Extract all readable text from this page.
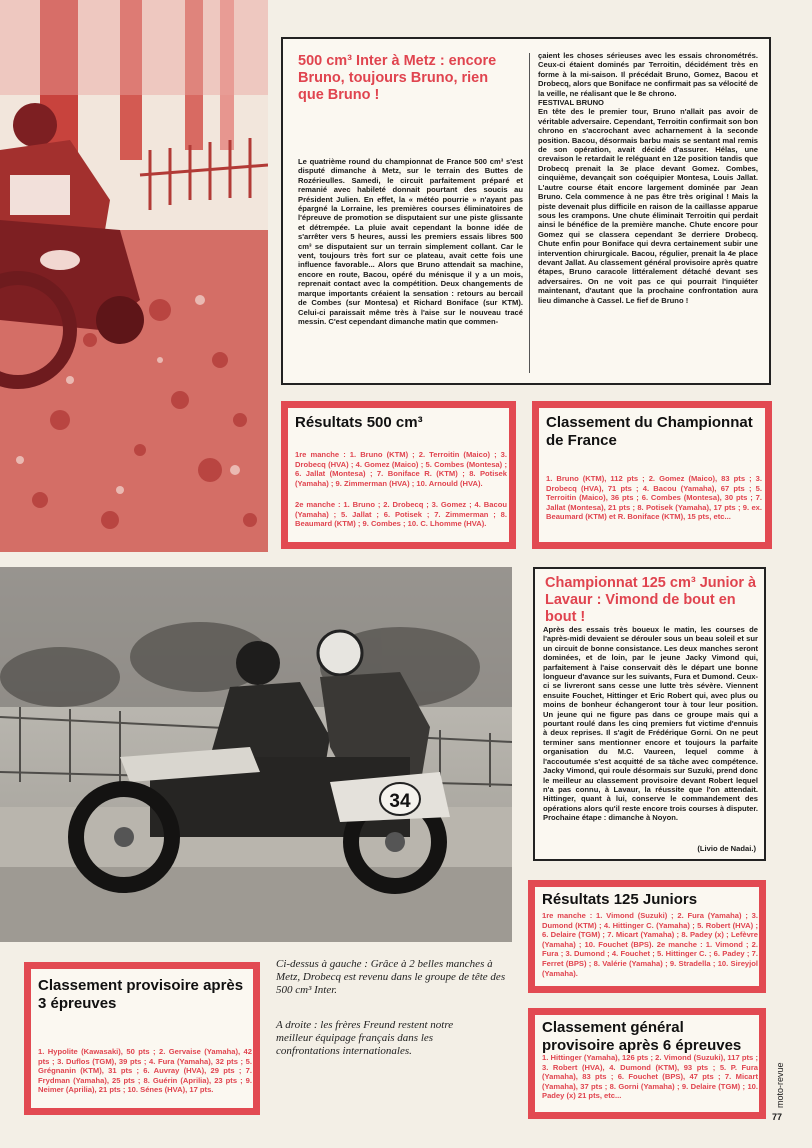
34
500 cm³ Inter à Metz : encore Bruno, toujours Bruno, rien que Bruno !
Le quatrième round du championnat de France 500 cm³ s'est disputé dimanche à Metz, sur le terrain des Buttes de Rozérieulles. Samedi, le circuit parfaitement préparé et remanié avec habileté donnait pourtant des soucis au Président Julien. En effet, la « météo pourrie » n'ayant pas épargné la Lorraine, les premières courses éliminatoires de l'épreuve de promotion se disputaient sur une piste glissante et détrempée. La pluie avait cependant la bonne idée de s'arrêter vers 5 heures, aussi les premiers essais libres 500 cm³ se disputaient sur un terrain simplement collant. Car le vent, toujours très fort sur ce plateau, avait cette fois une influence favorable... Alors que Bruno attendait sa machine, encore en route, Bacou, opéré du ménisque il y a un mois, reprenait contact avec la compétition. Deux changements de marque importants créaient la sensation : retours au bercail de Combes (sur Montesa) et Richard Boniface (sur KTM). Celui-ci paraissait même très à l'aise sur le nouveau tracé messin. C'est cependant dimanche matin que commen-

çaient les choses sérieuses avec les essais chronométrés. Ceux-ci étaient dominés par Terroitin, décidément très en forme à la mi-saison. Il précédait Bruno, Gomez, Bacou et Drobecq, alors que Boniface ne confirmait pas sa vélocité de la veille, ne réalisant que le 8e chrono.

FESTIVAL BRUNO

En tête des le premier tour, Bruno n'allait pas avoir de véritable adversaire. Cependant, Terroitin confirmait son bon chrono en s'accrochant avec acharnement à la seconde position. Bacou, désormais barbu mais se sentant mal remis de son opération, avait décidé d'assurer. Hélas, une crevaison le retardait le reléguant en 12e position tandis que Drobecq prenait la 3e place devant Gomez. Combes, cinquième, devançait son coéquipier Montesa, Louis Jallat. L'autre course était encore largement dominée par Jean Bruno. Cela commence à ne pas être très original ! Mais la piste devenait plus difficile en raison de la caillasse apparue sous les crampons. Une chute éliminait Terroitin qui perdait ainsi le bénéfice de la première manche. Chute encore pour Gomez qui se classera cependant 3e derriere Drobecq. Chute enfin pour Boniface qui devra certainement subir une intervention chirurgicale. Bacou, régulier, prenait la 4e place devant Jallat. Au classement général provisoire après quatre étapes, Bruno caracole littéralement détaché devant ses adversaires. On ne voit pas ce qui pourrait l'inquiéter maintenant, d'autant que la prochaine confrontation aura lieu dimanche à Cassel. Le fief de Bruno !

Résultats 500 cm³
1re manche : 1. Bruno (KTM) ; 2. Terroitin (Maico) ; 3. Drobecq (HVA) ; 4. Gomez (Maico) ; 5. Combes (Montesa) ; 6. Jallat (Montesa) ; 7. Boniface R. (KTM) ; 8. Potisek (Yamaha) ; 9. Zimmerman (HVA) ; 10. Arnould (HVA).
2e manche : 1. Bruno ; 2. Drobecq ; 3. Gomez ; 4. Bacou (Yamaha) ; 5. Jallat ; 6. Potisek ; 7. Zimmerman ; 8. Beaumard (KTM) ; 9. Combes ; 10. C. Lhomme (HVA).
Classement du Championnat de France
1. Bruno (KTM), 112 pts ; 2. Gomez (Maico), 83 pts ; 3. Drobecq (HVA), 71 pts ; 4. Bacou (Yamaha), 67 pts ; 5. Terroitin (Maico), 36 pts ; 6. Combes (Montesa), 30 pts ; 7. Jallat (Montesa), 21 pts ; 8. Potisek (Yamaha), 17 pts ; 9. ex. Beaumard (KTM) et R. Boniface (KTM), 15 pts, etc...
Championnat 125 cm³ Junior à Lavaur : Vimond de bout en bout !
Après des essais très boueux le matin, les courses de l'après-midi devaient se dérouler sous un beau soleil et sur un circuit de bonne consistance. Les deux manches seront dominées, et de loin, par le jeune Jacky Vimond qui, parfaitement à l'aise conservait dès le départ une bonne longueur d'avance sur les suivants, Fura et Dumond. Ceux-ci se livreront sans cesse une lutte très sévère. Viennent ensuite Fouchet, Hittinger et Eric Robert qui, avec plus ou moins de bonheur échangeront tour à tour leur position. Un jeune qui ne figure pas dans ce groupe mais qui a pourtant roulé dans les cinq premiers fut victime d'ennuis à deux reprises. Il s'agit de Frédérique Gorni. On ne peut terminer sans mentionner encore et toujours la parfaite organisation du M.C. Vaureen, lequel comme à l'accoutumée s'est acquitté de sa tâche avec compétence. Jacky Vimond, qui roule désormais sur Suzuki, prend donc le meilleur au classement provisoire devant Robert lequel n'a pas connu, à Lavaur, la réussite que l'on attendait. Hittinger, quant à lui, conserve le commandement des opérations alors qu'il reste encore trois courses à disputer. Prochaine étape : dimanche à Noyon.
(Livio de Nadai.)
Résultats 125 Juniors
1re manche : 1. Vimond (Suzuki) ; 2. Fura (Yamaha) ; 3. Dumond (KTM) ; 4. Hittinger C. (Yamaha) ; 5. Robert (HVA) ; 6. Delaire (TGM) ; 7. Micart (Yamaha) ; 8. Padey (x) ; Lefèvre (Yamaha) ; 10. Fouchet (BPS). 2e manche : 1. Vimond ; 2. Fura ; 3. Dumond ; 4. Fouchet ; 5. Hittinger C. ; 6. Padey ; 7. Ferret (BPS) ; 8. Valérie (Yamaha) ; 9. Stradella ; 10. Sireyjol (Yamaha).
Classement provisoire après 3 épreuves
1. Hypolite (Kawasaki), 50 pts ; 2. Gervaise (Yamaha), 42 pts ; 3. Duflos (TGM), 39 pts ; 4. Fura (Yamaha), 32 pts ; 5. Grégnanin (KTM), 31 pts ; 6. Auvray (HVA), 29 pts ; 7. Frydman (Yamaha), 25 pts ; 8. Guérin (Aprilia), 23 pts ; 9. Neimer (Aprilia), 21 pts ; 10. Sénes (HVA), 17 pts.
Ci-dessus à gauche : Grâce à 2 belles manches à Metz, Drobecq est revenu dans le groupe de tête des 500 cm³ Inter.
A droite : les frères Freund restent notre meilleur équipage français dans les confrontations internationales.
Classement général provisoire après 6 épreuves
1. Hittinger (Yamaha), 126 pts ; 2. Vimond (Suzuki), 117 pts ; 3. Robert (HVA), 4. Dumond (KTM), 93 pts ; 5. P. Fura (Yamaha), 83 pts ; 6. Fouchet (BPS), 47 pts ; 7. Micart (Yamaha), 37 pts ; 8. Gorni (Yamaha) ; 9. Delaire (TGM) ; 10. Padey (x) 21 pts, etc...	moto-revue
77
